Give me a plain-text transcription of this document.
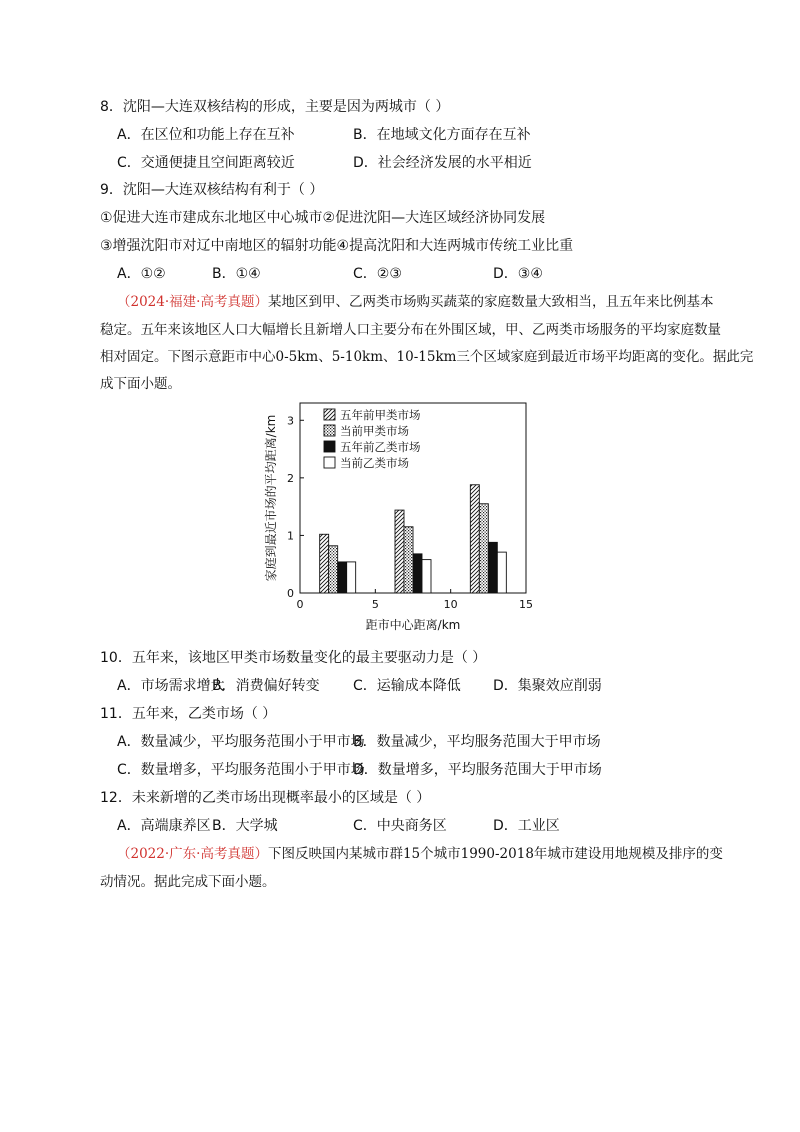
8．沈阳—大连双核结构的形成，主要是因为两城市（ ）
A．在区位和功能上存在互补	B．在地域文化方面存在互补
C．交通便捷且空间距离较近	D．社会经济发展的水平相近
9．沈阳—大连双核结构有利于（ ）
①促进大连市建成东北地区中心城市②促进沈阳—大连区域经济协同发展
③增强沈阳市对辽中南地区的辐射功能④提高沈阳和大连两城市传统工业比重
A．①②	B．①④	C．②③	D．③④
（2024·福建·高考真题）某地区到甲、乙两类市场购买蔬菜的家庭数量大致相当，且五年来比例基本
稳定。五年来该地区人口大幅增长且新增人口主要分布在外围区域，甲、乙两类市场服务的平均家庭数量
相对固定。下图示意距市中心0-5km、5-10km、10-15km三个区域家庭到最近市场平均距离的变化。据此完
成下面小题。
0	5	10	15
0
1
2
3	五年前甲类市场
当前甲类市场
五年前乙类市场
当前乙类市场
家庭到最近市场的平均距离/km
距市中心距离/km
10．五年来，该地区甲类市场数量变化的最主要驱动力是（ ）
A．市场需求增大
B．消费偏好转变 C．运输成本降低 D．集聚效应削弱
11．五年来，乙类市场（ ）
A．数量减少，平均服务范围小于甲市场
B．数量减少，平均服务范围大于甲市场
C．数量增多，平均服务范围小于甲市场
D．数量增多，平均服务范围大于甲市场
12．未来新增的乙类市场出现概率最小的区域是（ ）
A．高端康养区 B．大学城	C．中央商务区	D．工业区
（2022·广东·高考真题）下图反映国内某城市群15个城市1990-2018年城市建设用地规模及排序的变
动情况。据此完成下面小题。
